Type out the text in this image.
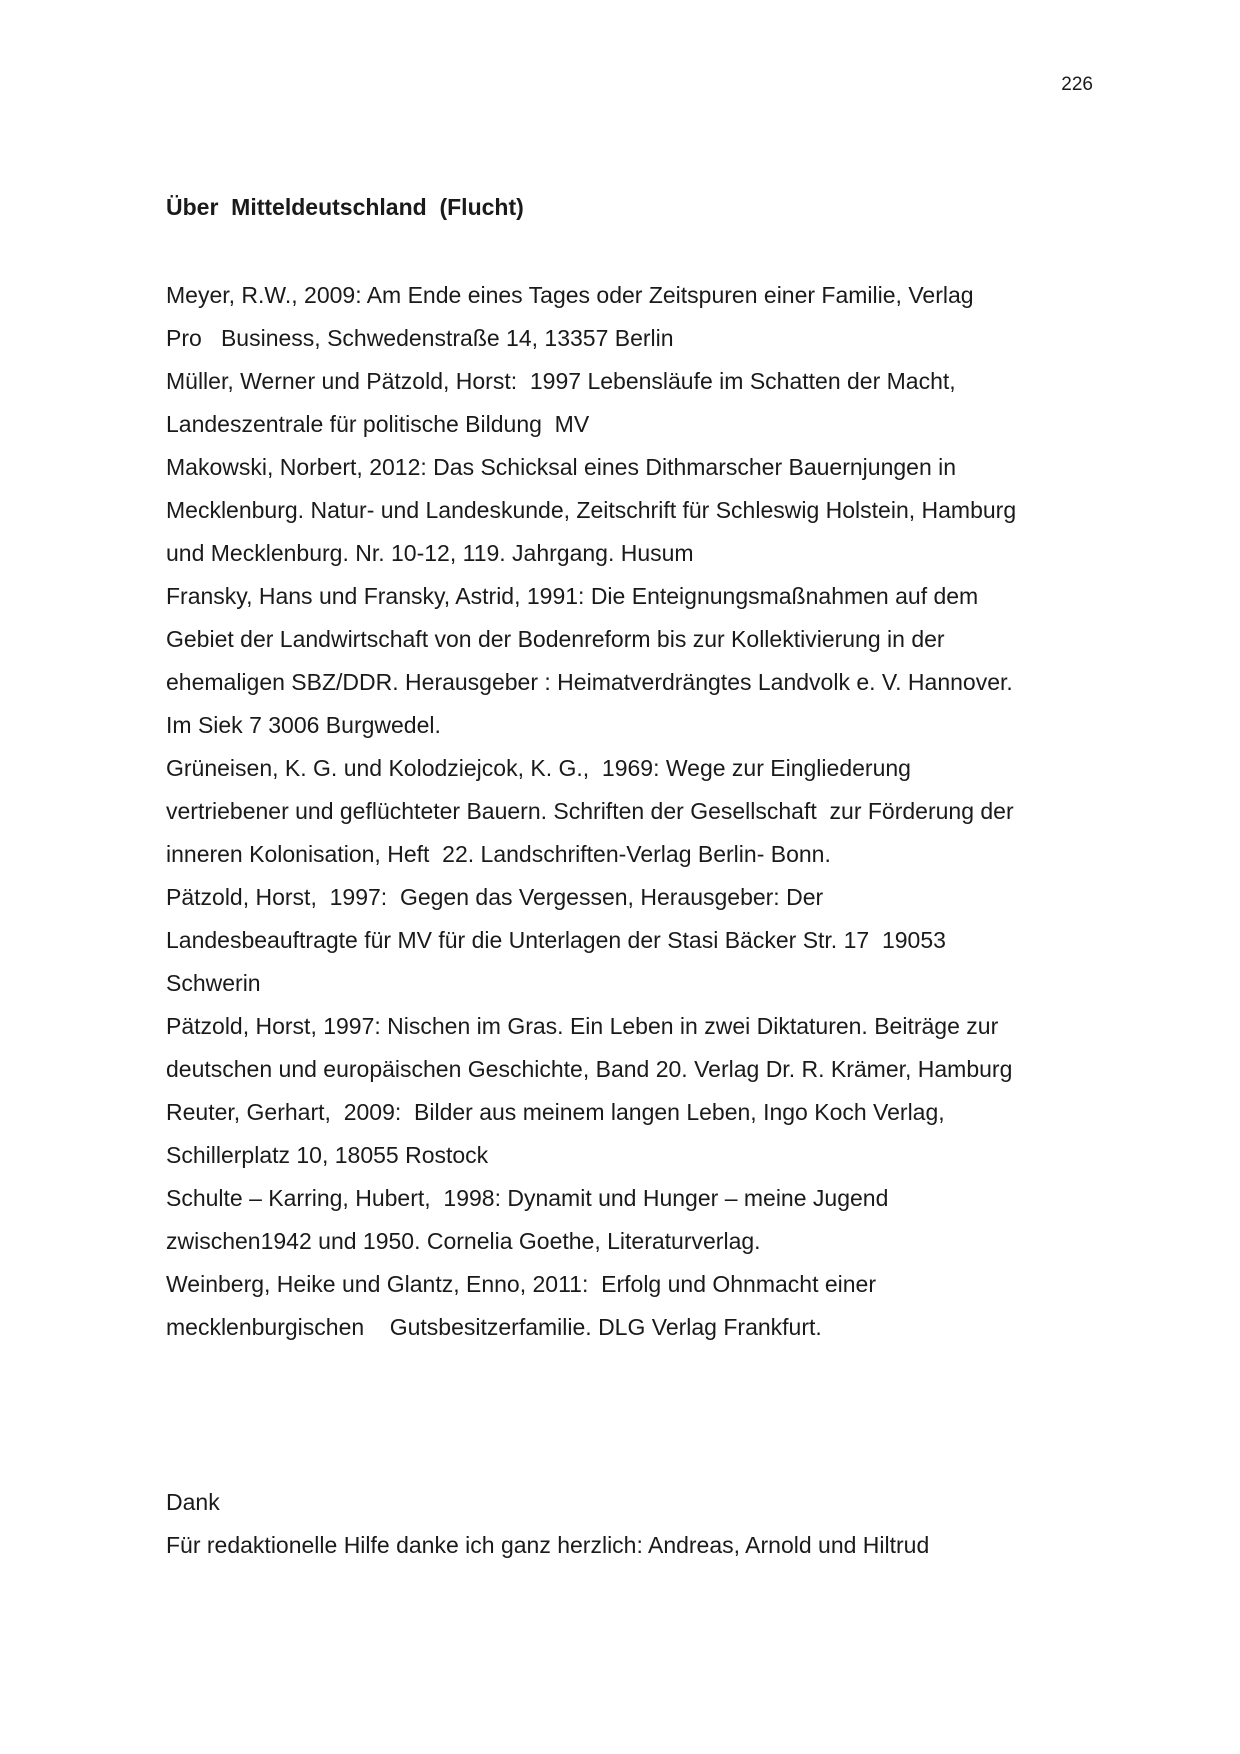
226
Über  Mitteldeutschland  (Flucht)
Meyer, R.W., 2009: Am Ende eines Tages oder Zeitspuren einer Familie, Verlag
Pro   Business, Schwedenstraße 14, 13357 Berlin
Müller, Werner und Pätzold, Horst:  1997 Lebensläufe im Schatten der Macht,
Landeszentrale für politische Bildung  MV
Makowski, Norbert, 2012: Das Schicksal eines Dithmarscher Bauernjungen in
Mecklenburg. Natur- und Landeskunde, Zeitschrift für Schleswig Holstein, Hamburg
und Mecklenburg. Nr. 10-12, 119. Jahrgang. Husum
Fransky, Hans und Fransky, Astrid, 1991: Die Enteignungsmaßnahmen auf dem
Gebiet der Landwirtschaft von der Bodenreform bis zur Kollektivierung in der
ehemaligen SBZ/DDR. Herausgeber : Heimatverdrängtes Landvolk e. V. Hannover.
Im Siek 7 3006 Burgwedel.
Grüneisen, K. G. und Kolodziejcok, K. G.,  1969: Wege zur Eingliederung
vertriebener und geflüchteter Bauern. Schriften der Gesellschaft  zur Förderung der
inneren Kolonisation, Heft  22. Landschriften-Verlag Berlin- Bonn.
Pätzold, Horst,  1997:  Gegen das Vergessen, Herausgeber: Der
Landesbeauftragte für MV für die Unterlagen der Stasi Bäcker Str. 17  19053
Schwerin
Pätzold, Horst, 1997: Nischen im Gras. Ein Leben in zwei Diktaturen. Beiträge zur
deutschen und europäischen Geschichte, Band 20. Verlag Dr. R. Krämer, Hamburg
Reuter, Gerhart,  2009:  Bilder aus meinem langen Leben, Ingo Koch Verlag,
Schillerplatz 10, 18055 Rostock
Schulte – Karring, Hubert,  1998: Dynamit und Hunger – meine Jugend
zwischen1942 und 1950. Cornelia Goethe, Literaturverlag.
Weinberg, Heike und Glantz, Enno, 2011:  Erfolg und Ohnmacht einer
mecklenburgischen    Gutsbesitzerfamilie. DLG Verlag Frankfurt.
Dank
Für redaktionelle Hilfe danke ich ganz herzlich: Andreas, Arnold und Hiltrud
